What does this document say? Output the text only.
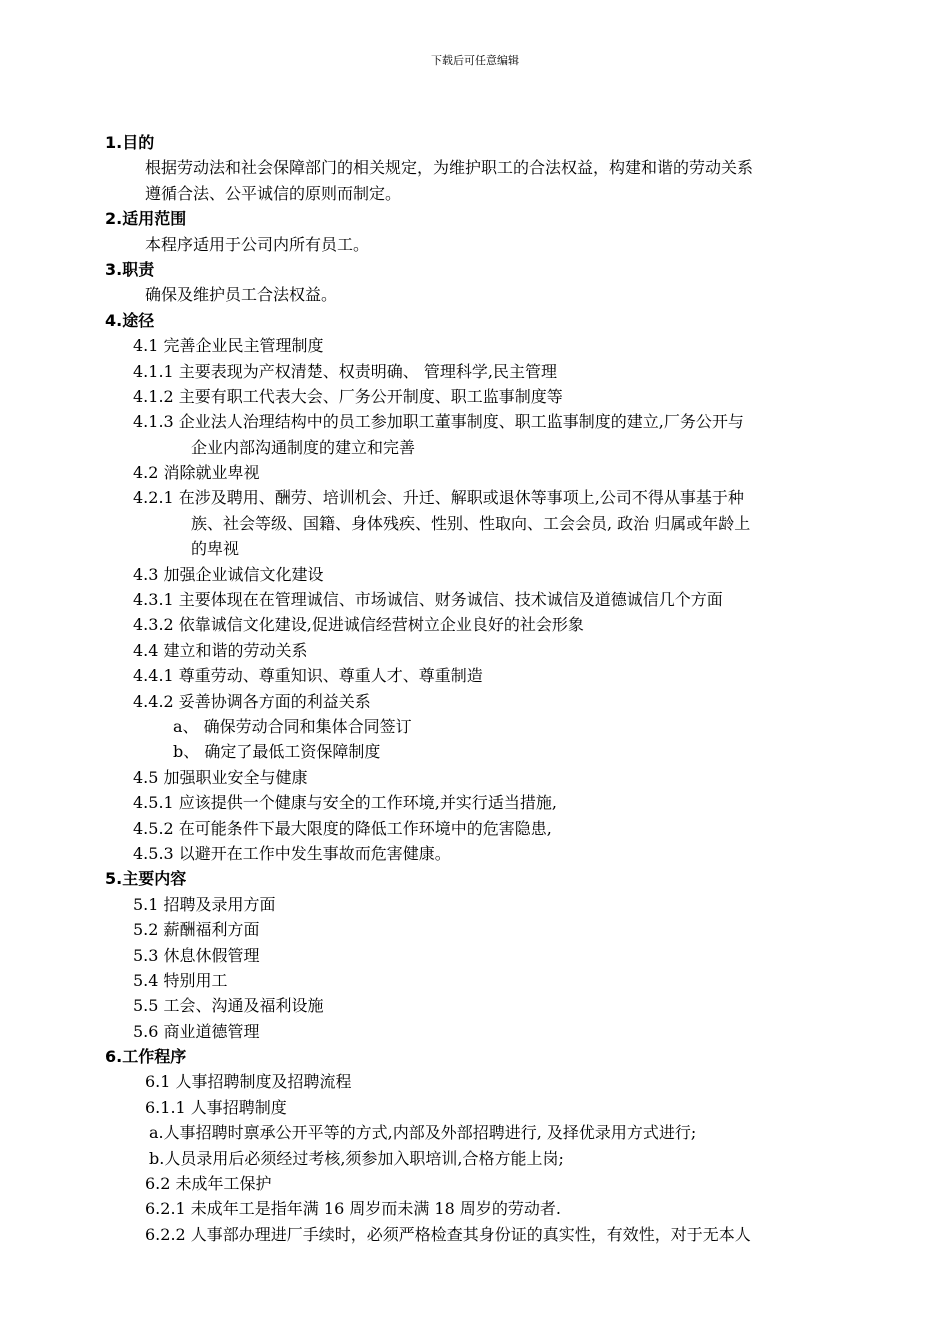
下载后可任意编辑
1.目的
根据劳动法和社会保障部门的相关规定，为维护职工的合法权益，构建和谐的劳动关系
遵循合法、公平诚信的原则而制定。
2.适用范围
本程序适用于公司内所有员工。
3.职责
确保及维护员工合法权益。
4.途径
4.1 完善企业民主管理制度
4.1.1 主要表现为产权清楚、权责明确、 管理科学,民主管理
4.1.2 主要有职工代表大会、厂务公开制度、职工监事制度等
4.1.3 企业法人治理结构中的员工参加职工董事制度、职工监事制度的建立,厂务公开与
企业内部沟通制度的建立和完善
4.2 消除就业卑视
4.2.1 在涉及聘用、酬劳、培训机会、升迁、解职或退休等事项上,公司不得从事基于种
族、社会等级、国籍、身体残疾、性别、性取向、工会会员, 政治 归属或年龄上
的卑视
4.3 加强企业诚信文化建设
4.3.1 主要体现在在管理诚信、市场诚信、财务诚信、技术诚信及道德诚信几个方面
4.3.2 依靠诚信文化建设,促进诚信经营树立企业良好的社会形象
4.4 建立和谐的劳动关系
4.4.1 尊重劳动、尊重知识、尊重人才、尊重制造
4.4.2 妥善协调各方面的利益关系
a、 确保劳动合同和集体合同签订
b、 确定了最低工资保障制度
4.5 加强职业安全与健康
4.5.1 应该提供一个健康与安全的工作环境,并实行适当措施,
4.5.2 在可能条件下最大限度的降低工作环境中的危害隐患,
4.5.3 以避开在工作中发生事故而危害健康。
5.主要内容
5.1 招聘及录用方面
5.2 薪酬福利方面
5.3 休息休假管理
5.4 特别用工
5.5 工会、沟通及福利设施
5.6 商业道德管理
6.工作程序
6.1 人事招聘制度及招聘流程
6.1.1 人事招聘制度
a.人事招聘时禀承公开平等的方式,内部及外部招聘进行, 及择优录用方式进行;
b.人员录用后必须经过考核,须参加入职培训,合格方能上岗;
6.2 未成年工保护
6.2.1 未成年工是指年满 16 周岁而未满 18 周岁的劳动者.
6.2.2 人事部办理进厂手续时，必须严格检查其身份证的真实性，有效性，对于无本人
